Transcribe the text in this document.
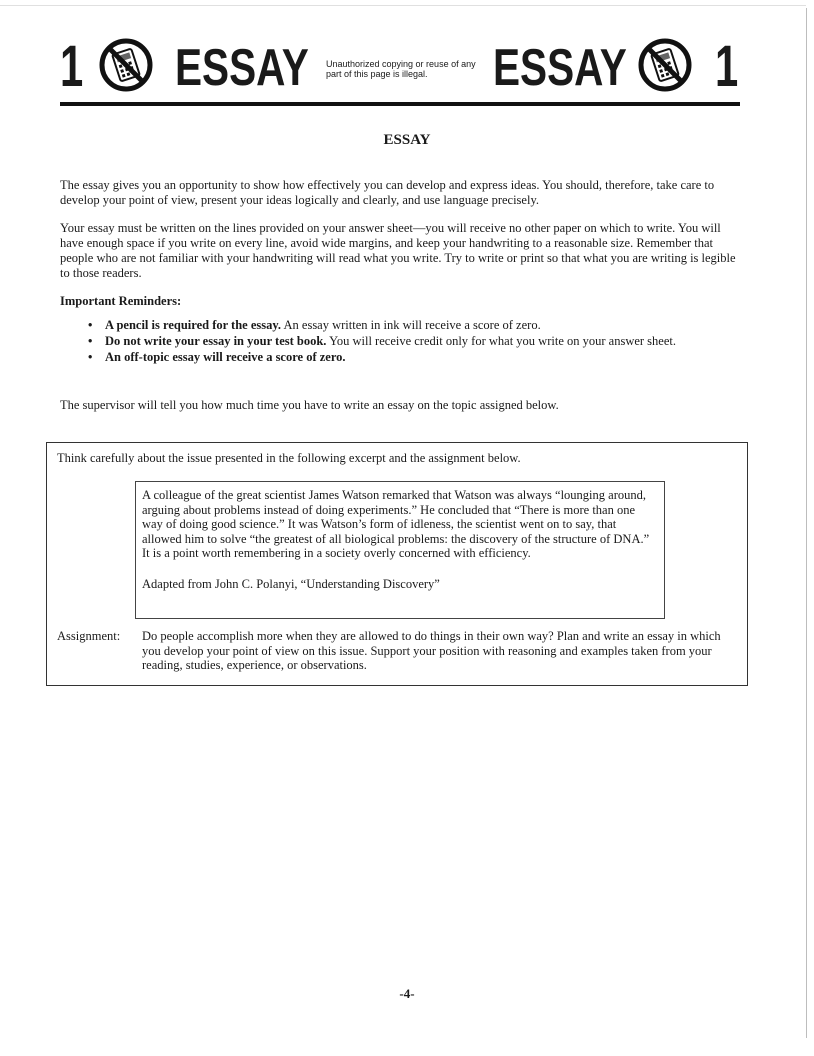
1 ESSAY Unauthorized copying or reuse of any part of this page is illegal.	ESSAY 1
ESSAY
The essay gives you an opportunity to show how effectively you can develop and express ideas. You should, therefore, take care to develop your point of view, present your ideas logically and clearly, and use language precisely.
Your essay must be written on the lines provided on your answer sheet—you will receive no other paper on which to write. You will have enough space if you write on every line, avoid wide margins, and keep your handwriting to a reasonable size. Remember that people who are not familiar with your handwriting will read what you write. Try to write or print so that what you are writing is legible to those readers.
Important Reminders:
• A pencil is required for the essay. An essay written in ink will receive a score of zero.
• Do not write your essay in your test book. You will receive credit only for what you write on your answer sheet.
• An off-topic essay will receive a score of zero.
The supervisor will tell you how much time you have to write an essay on the topic assigned below.
Think carefully about the issue presented in the following excerpt and the assignment below.
A colleague of the great scientist James Watson remarked that Watson was always “lounging around, arguing about problems instead of doing experiments.” He concluded that “There is more than one way of doing good science.” It was Watson’s form of idleness, the scientist went on to say, that allowed him to solve “the greatest of all biological problems: the discovery of the structure of DNA.” It is a point worth remembering in a society overly concerned with efficiency.
Adapted from John C. Polanyi, “Understanding Discovery”
Assignment: Do people accomplish more when they are allowed to do things in their own way? Plan and write an essay in which you develop your point of view on this issue. Support your position with reasoning and examples taken from your reading, studies, experience, or observations.
-4-
